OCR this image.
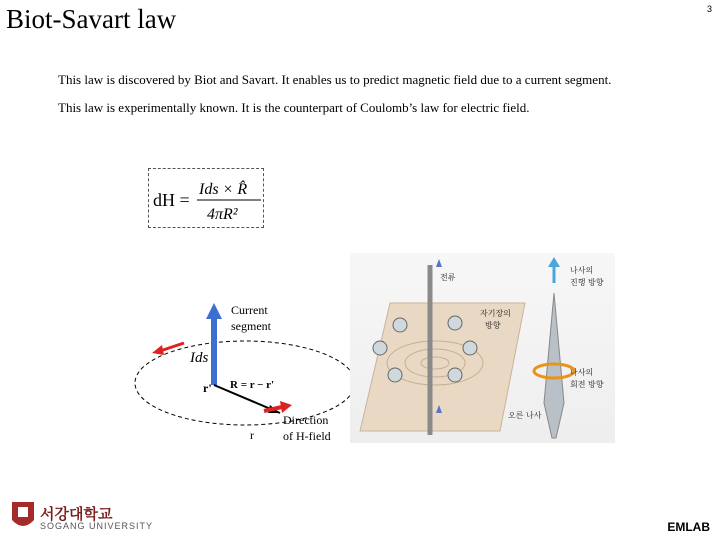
Biot-Savart law	3
This law is discovered by Biot and Savart. It enables us to predict magnetic field due to a current segment.
This law is experimentally known. It is the counterpart of Coulomb’s law for electric field.
dH =
Ids × R̂
4πR²
Current
segment
Ids
r' R = r − r'
r
Direction
of H-field
전류
자기장의
방향
나사의
진행 방향
나사의
회전 방향
오른 나사
서강대학교
SOGANG UNIVERSITY	EMLAB
